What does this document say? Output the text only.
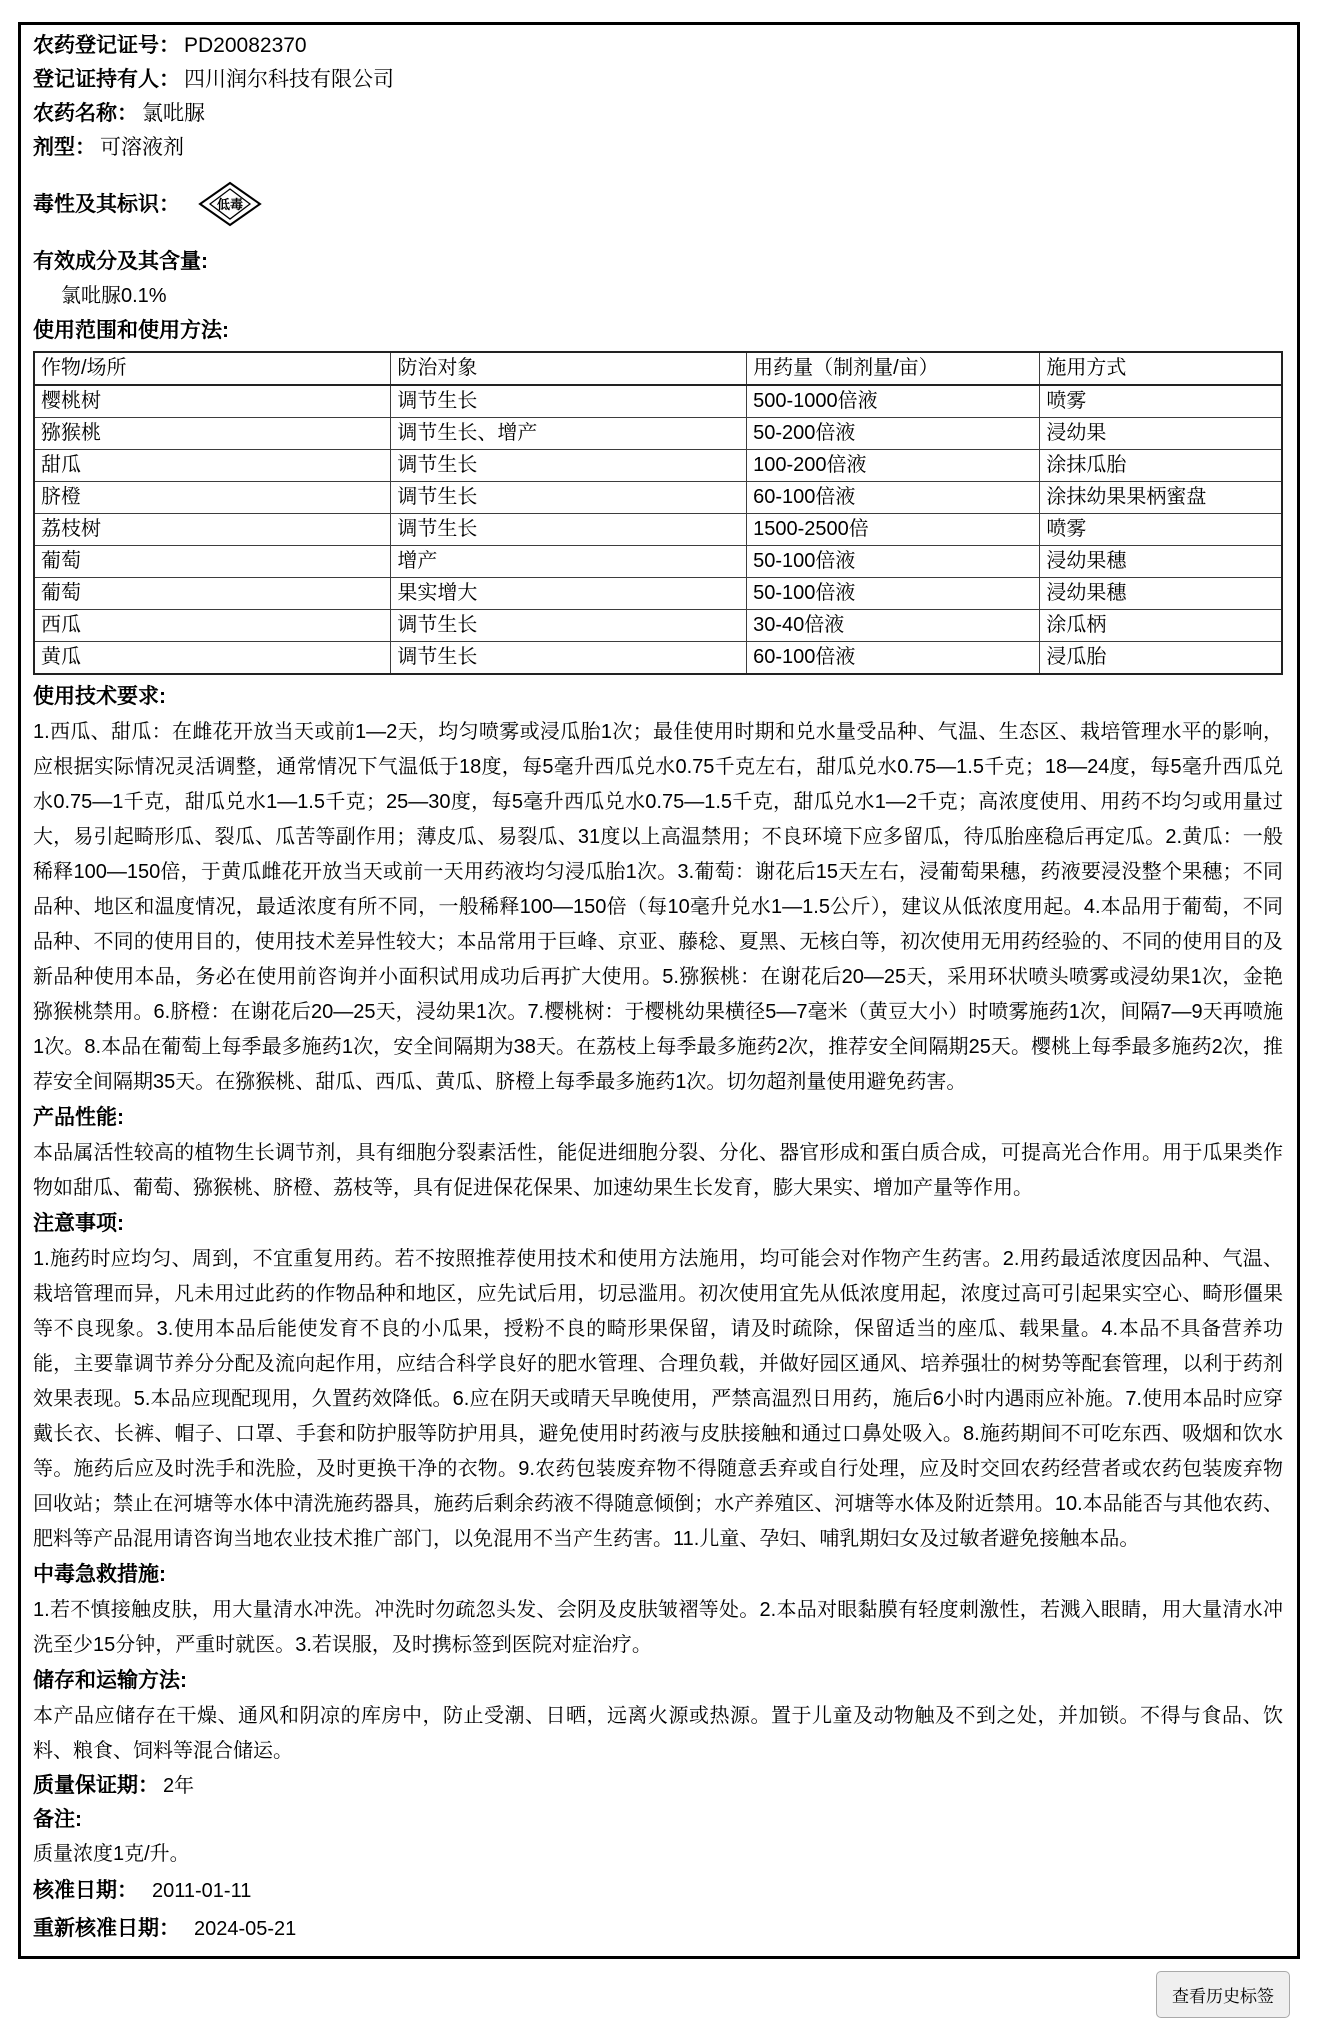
农药登记证号： PD20082370
登记证持有人： 四川润尔科技有限公司
农药名称： 氯吡脲
剂型： 可溶液剂
毒性及其标识：	低毒
有效成分及其含量:
氯吡脲0.1%
使用范围和使用方法:
作物/场所	防治对象	用药量（制剂量/亩）	施用方式
樱桃树	调节生长	500-1000倍液	喷雾
猕猴桃	调节生长、增产	50-200倍液	浸幼果
甜瓜	调节生长	100-200倍液	涂抹瓜胎
脐橙	调节生长	60-100倍液	涂抹幼果果柄蜜盘
荔枝树	调节生长	1500-2500倍	喷雾
葡萄	增产	50-100倍液	浸幼果穗
葡萄	果实增大	50-100倍液	浸幼果穗
西瓜	调节生长	30-40倍液	涂瓜柄
黄瓜	调节生长	60-100倍液	浸瓜胎
使用技术要求:
1.西瓜、甜瓜：在雌花开放当天或前1—2天，均匀喷雾或浸瓜胎1次；最佳使用时期和兑水量受品种、气温、生态区、栽培管理水平的影响，应根据实际情况灵活调整，通常情况下气温低于18度，每5毫升西瓜兑水0.75千克左右，甜瓜兑水0.75—1.5千克；18—24度，每5毫升西瓜兑水0.75—1千克，甜瓜兑水1—1.5千克；25—30度，每5毫升西瓜兑水0.75—1.5千克，甜瓜兑水1—2千克；高浓度使用、用药不均匀或用量过大，易引起畸形瓜、裂瓜、瓜苦等副作用；薄皮瓜、易裂瓜、31度以上高温禁用；不良环境下应多留瓜，待瓜胎座稳后再定瓜。2.黄瓜：一般稀释100—150倍，于黄瓜雌花开放当天或前一天用药液均匀浸瓜胎1次。3.葡萄：谢花后15天左右，浸葡萄果穗，药液要浸没整个果穗；不同品种、地区和温度情况，最适浓度有所不同，一般稀释100—150倍（每10毫升兑水1—1.5公斤），建议从低浓度用起。4.本品用于葡萄，不同品种、不同的使用目的，使用技术差异性较大；本品常用于巨峰、京亚、藤稔、夏黑、无核白等，初次使用无用药经验的、不同的使用目的及新品种使用本品，务必在使用前咨询并小面积试用成功后再扩大使用。5.猕猴桃：在谢花后20—25天，采用环状喷头喷雾或浸幼果1次，金艳猕猴桃禁用。6.脐橙：在谢花后20—25天，浸幼果1次。7.樱桃树：于樱桃幼果横径5—7毫米（黄豆大小）时喷雾施药1次，间隔7—9天再喷施1次。8.本品在葡萄上每季最多施药1次，安全间隔期为38天。在荔枝上每季最多施药2次，推荐安全间隔期25天。樱桃上每季最多施药2次，推荐安全间隔期35天。在猕猴桃、甜瓜、西瓜、黄瓜、脐橙上每季最多施药1次。切勿超剂量使用避免药害。
产品性能:
本品属活性较高的植物生长调节剂，具有细胞分裂素活性，能促进细胞分裂、分化、器官形成和蛋白质合成，可提高光合作用。用于瓜果类作物如甜瓜、葡萄、猕猴桃、脐橙、荔枝等，具有促进保花保果、加速幼果生长发育，膨大果实、增加产量等作用。
注意事项:
1.施药时应均匀、周到，不宜重复用药。若不按照推荐使用技术和使用方法施用，均可能会对作物产生药害。2.用药最适浓度因品种、气温、栽培管理而异，凡未用过此药的作物品种和地区，应先试后用，切忌滥用。初次使用宜先从低浓度用起，浓度过高可引起果实空心、畸形僵果等不良现象。3.使用本品后能使发育不良的小瓜果，授粉不良的畸形果保留，请及时疏除，保留适当的座瓜、载果量。4.本品不具备营养功能，主要靠调节养分分配及流向起作用，应结合科学良好的肥水管理、合理负载，并做好园区通风、培养强壮的树势等配套管理，以利于药剂效果表现。5.本品应现配现用，久置药效降低。6.应在阴天或晴天早晚使用，严禁高温烈日用药，施后6小时内遇雨应补施。7.使用本品时应穿戴长衣、长裤、帽子、口罩、手套和防护服等防护用具，避免使用时药液与皮肤接触和通过口鼻处吸入。8.施药期间不可吃东西、吸烟和饮水等。施药后应及时洗手和洗脸，及时更换干净的衣物。9.农药包装废弃物不得随意丢弃或自行处理，应及时交回农药经营者或农药包装废弃物回收站；禁止在河塘等水体中清洗施药器具，施药后剩余药液不得随意倾倒；水产养殖区、河塘等水体及附近禁用。10.本品能否与其他农药、肥料等产品混用请咨询当地农业技术推广部门，以免混用不当产生药害。11.儿童、孕妇、哺乳期妇女及过敏者避免接触本品。
中毒急救措施:
1.若不慎接触皮肤，用大量清水冲洗。冲洗时勿疏忽头发、会阴及皮肤皱褶等处。2.本品对眼黏膜有轻度刺激性，若溅入眼睛，用大量清水冲洗至少15分钟，严重时就医。3.若误服，及时携标签到医院对症治疗。
储存和运输方法:
本产品应储存在干燥、通风和阴凉的库房中，防止受潮、日晒，远离火源或热源。置于儿童及动物触及不到之处，并加锁。不得与食品、饮料、粮食、饲料等混合储运。
质量保证期： 2年
备注:
质量浓度1克/升。
核准日期： 2011-01-11
重新核准日期： 2024-05-21
查看历史标签
